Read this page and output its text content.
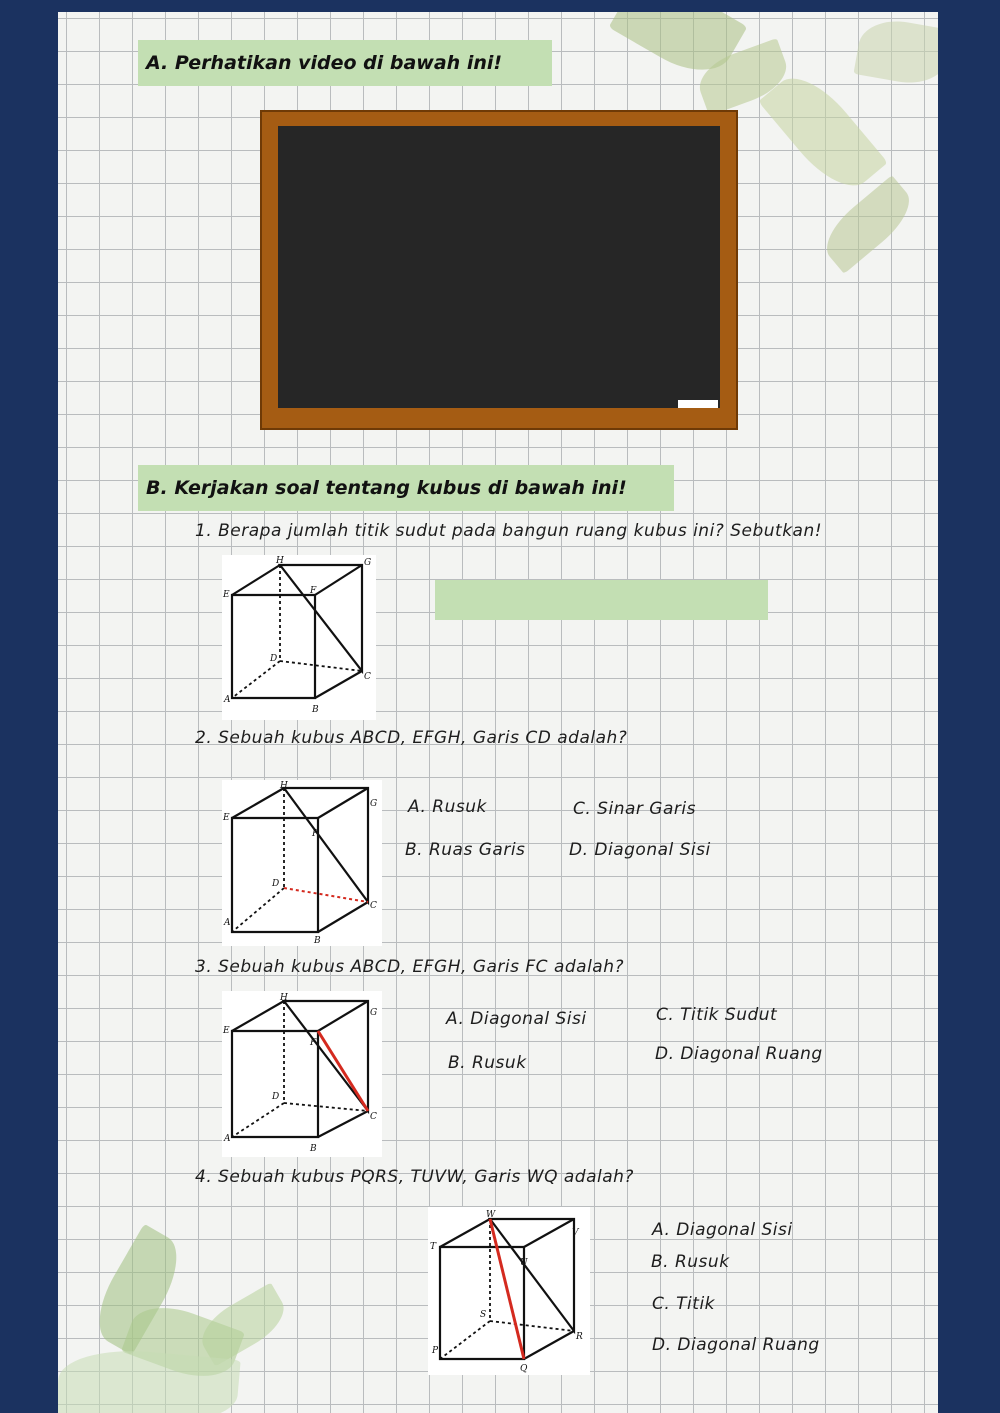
A. Perhatikan video di bawah ini!
B. Kerjakan soal tentang kubus di bawah ini!
1. Berapa jumlah titik sudut pada bangun ruang kubus ini? Sebutkan!
H	G
E	F
D
C
A
B
2. Sebuah kubus ABCD, EFGH, Garis CD adalah?
H
G
E
F
D
C
A
B
A. Rusuk	C. Sinar Garis
B. Ruas Garis	D. Diagonal Sisi
3. Sebuah kubus ABCD, EFGH, Garis FC adalah?
H
G
E
F
D
C
A
B
A. Diagonal Sisi	C. Titik Sudut
B. Rusuk	D. Diagonal Ruang
4. Sebuah kubus PQRS, TUVW, Garis WQ adalah?
W
V
T
U
S
R
P
Q
A. Diagonal Sisi
B. Rusuk
C. Titik
D. Diagonal Ruang
